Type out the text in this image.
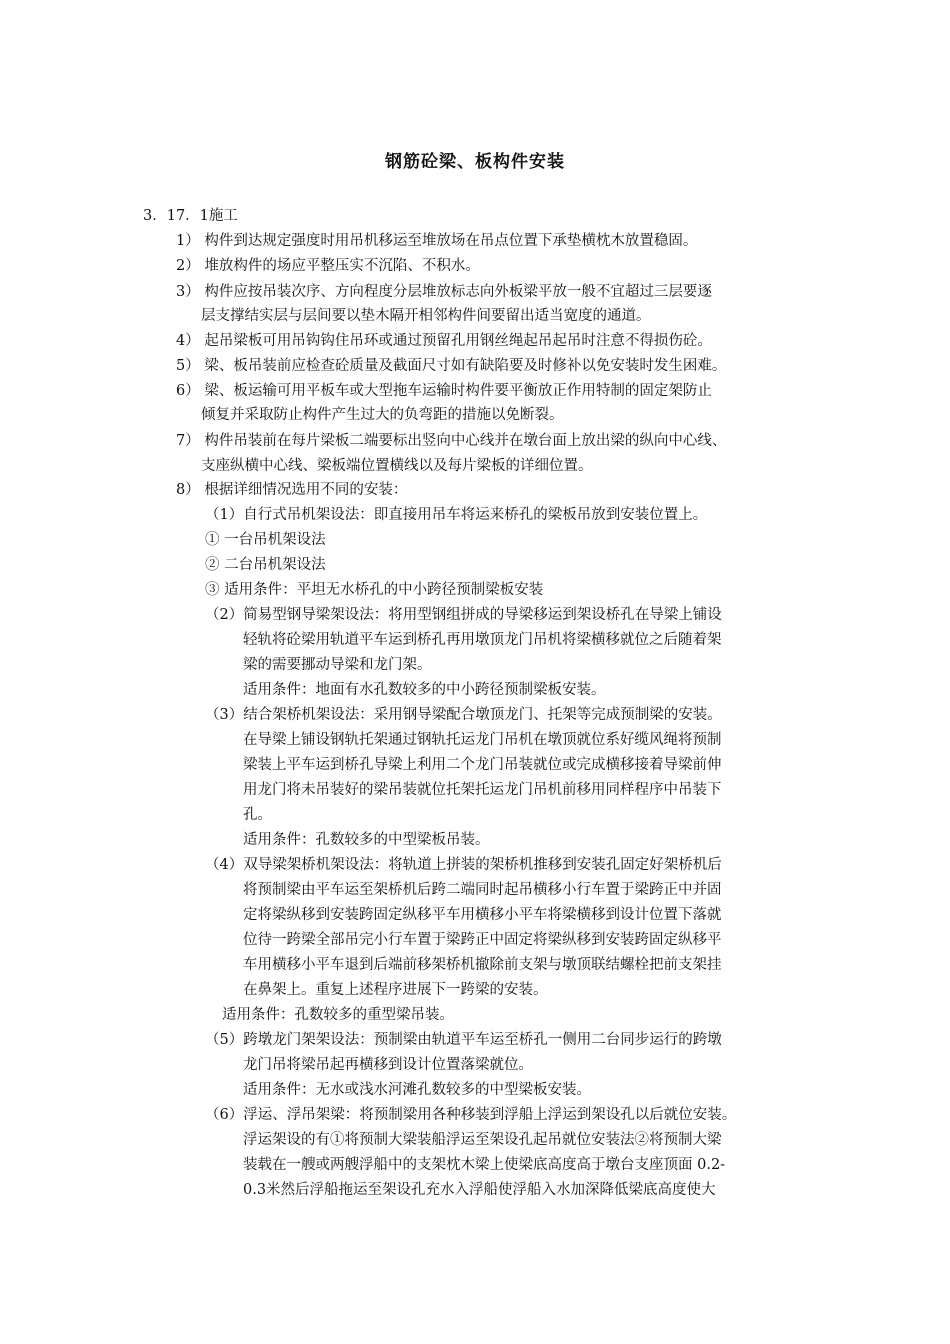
钢筋砼梁、板构件安装
3．17．1施工
1） 构件到达规定强度时用吊机移运至堆放场在吊点位置下承垫横枕木放置稳固。
2） 堆放构件的场应平整压实不沉陷、不积水。
3） 构件应按吊装次序、方向程度分层堆放标志向外板梁平放一般不宜超过三层要逐
层支撑结实层与层间要以垫木隔开相邻构件间要留出适当宽度的通道。
4） 起吊梁板可用吊钩钩住吊环或通过预留孔用钢丝绳起吊起吊时注意不得损伤砼。
5） 梁、板吊装前应检查砼质量及截面尺寸如有缺陷要及时修补以免安装时发生困难。
6） 梁、板运输可用平板车或大型拖车运输时构件要平衡放正作用特制的固定架防止
倾复并采取防止构件产生过大的负弯距的措施以免断裂。
7） 构件吊装前在每片梁板二端要标出竖向中心线并在墩台面上放出梁的纵向中心线、
支座纵横中心线、梁板端位置横线以及每片梁板的详细位置。
8） 根据详细情况选用不同的安装：
（1）自行式吊机架设法：即直接用吊车将运来桥孔的梁板吊放到安装位置上。
① 一台吊机架设法
② 二台吊机架设法
③ 适用条件：平坦无水桥孔的中小跨径预制梁板安装
（2）简易型钢导梁架设法：将用型钢组拼成的导梁移运到架设桥孔在导梁上铺设
轻轨将砼梁用轨道平车运到桥孔再用墩顶龙门吊机将梁横移就位之后随着架
梁的需要挪动导梁和龙门架。
适用条件：地面有水孔数较多的中小跨径预制梁板安装。
（3）结合架桥机架设法：采用钢导梁配合墩顶龙门、托架等完成预制梁的安装。
在导梁上铺设钢轨托架通过钢轨托运龙门吊机在墩顶就位系好缆风绳将预制
梁装上平车运到桥孔导梁上利用二个龙门吊装就位或完成横移接着导梁前伸
用龙门将未吊装好的梁吊装就位托架托运龙门吊机前移用同样程序中吊装下
孔。
适用条件：孔数较多的中型梁板吊装。
（4）双导梁架桥机架设法：将轨道上拼装的架桥机推移到安装孔固定好架桥机后
将预制梁由平车运至架桥机后跨二端同时起吊横移小行车置于梁跨正中并固
定将梁纵移到安装跨固定纵移平车用横移小平车将梁横移到设计位置下落就
位待一跨梁全部吊完小行车置于梁跨正中固定将梁纵移到安装跨固定纵移平
车用横移小平车退到后端前移架桥机撤除前支架与墩顶联结螺栓把前支架挂
在鼻架上。重复上述程序进展下一跨梁的安装。
适用条件：孔数较多的重型梁吊装。
（5）跨墩龙门架架设法：预制梁由轨道平车运至桥孔一侧用二台同步运行的跨墩
龙门吊将梁吊起再横移到设计位置落梁就位。
适用条件：无水或浅水河滩孔数较多的中型梁板安装。
（6）浮运、浮吊架梁：将预制梁用各种移装到浮船上浮运到架设孔以后就位安装。
浮运架设的有①将预制大梁装船浮运至架设孔起吊就位安装法②将预制大梁
装载在一艘或两艘浮船中的支架枕木梁上使梁底高度高于墩台支座顶面 0.2-
0.3米然后浮船拖运至架设孔充水入浮船使浮船入水加深降低梁底高度使大
